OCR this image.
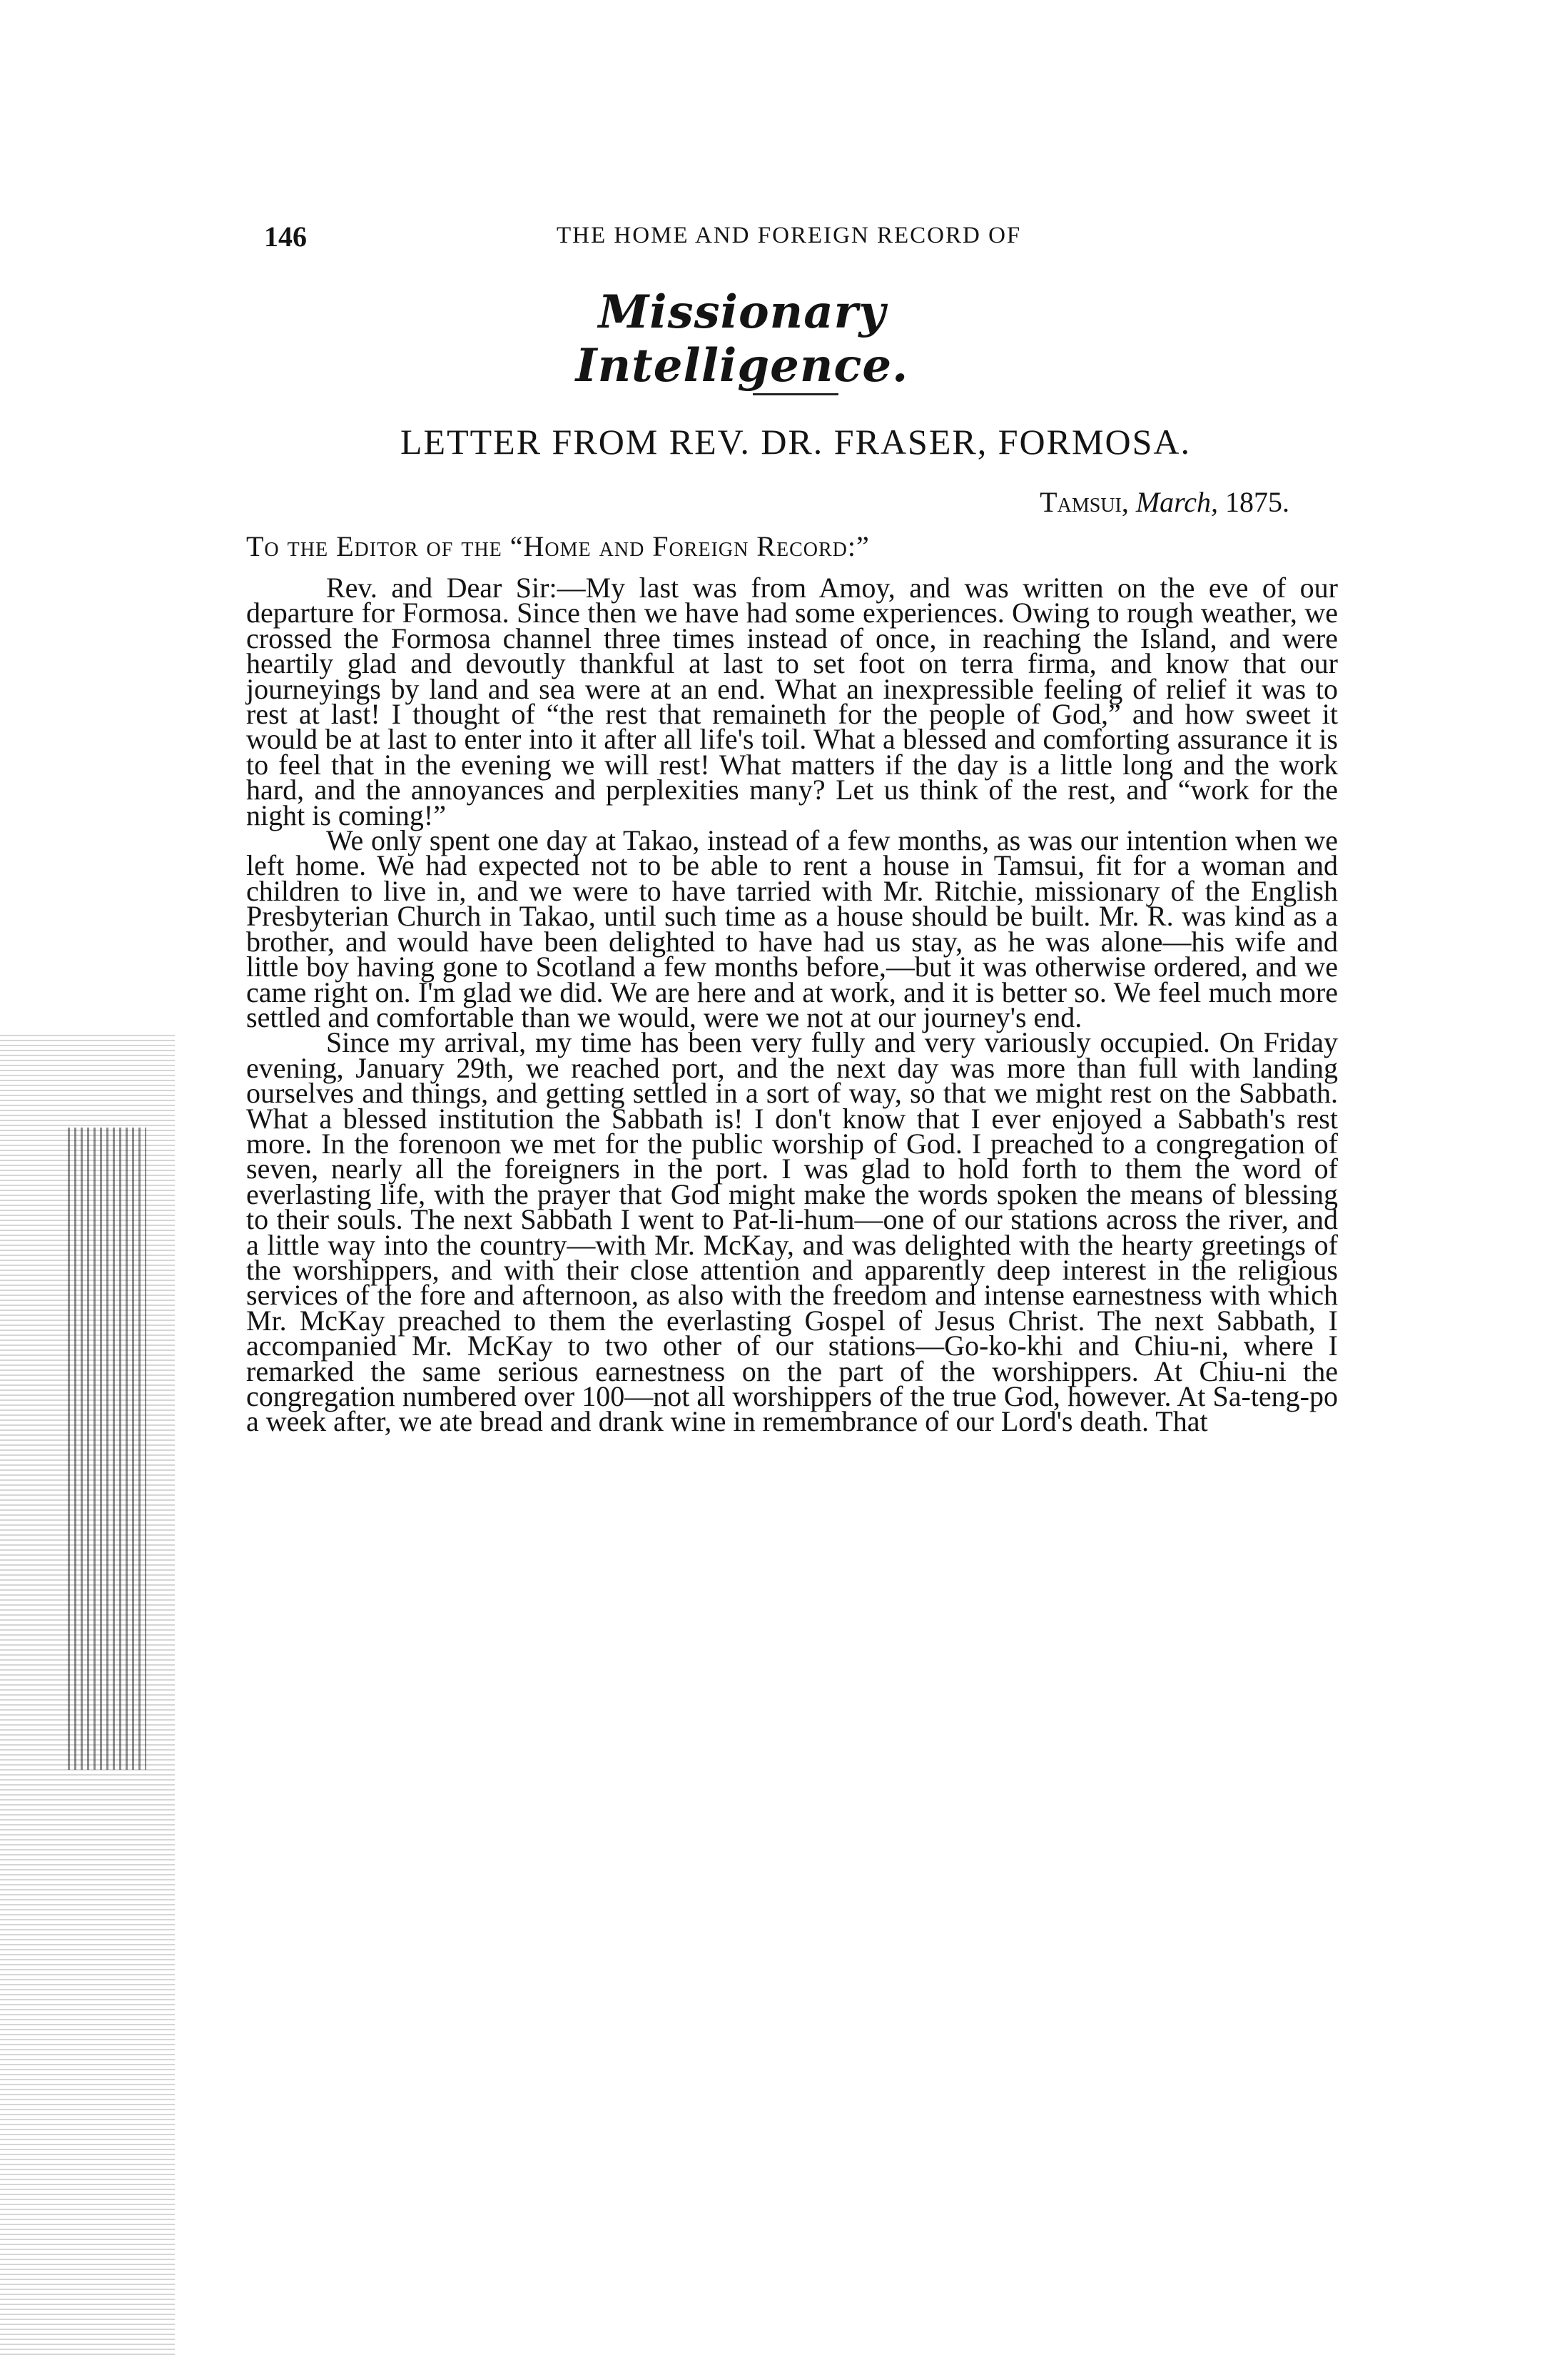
146	THE HOME AND FOREIGN RECORD OF
Missionary Intelligence.
LETTER FROM REV. DR. FRASER, FORMOSA.
Tamsui, March, 1875.
To the Editor of the “Home and Foreign Record:”

Rev. and Dear Sir:—My last was from Amoy, and was written on the eve of our departure for Formosa. Since then we have had some experiences. Owing to rough weather, we crossed the Formosa channel three times instead of once, in reaching the Island, and were heartily glad and devoutly thankful at last to set foot on terra firma, and know that our journeyings by land and sea were at an end. What an inexpressible feeling of relief it was to rest at last! I thought of “the rest that remaineth for the people of God,” and how sweet it would be at last to enter into it after all life's toil. What a blessed and comforting assurance it is to feel that in the evening we will rest! What matters if the day is a little long and the work hard, and the annoyances and perplexities many? Let us think of the rest, and “work for the night is coming!”

We only spent one day at Takao, instead of a few months, as was our intention when we left home. We had expected not to be able to rent a house in Tamsui, fit for a woman and children to live in, and we were to have tarried with Mr. Ritchie, missionary of the English Presbyterian Church in Takao, until such time as a house should be built. Mr. R. was kind as a brother, and would have been delighted to have had us stay, as he was alone—his wife and little boy having gone to Scotland a few months before,—but it was otherwise ordered, and we came right on. I'm glad we did. We are here and at work, and it is better so. We feel much more settled and comfortable than we would, were we not at our journey's end.

Since my arrival, my time has been very fully and very variously occupied. On Friday evening, January 29th, we reached port, and the next day was more than full with landing ourselves and things, and getting settled in a sort of way, so that we might rest on the Sabbath. What a blessed institution the Sabbath is! I don't know that I ever enjoyed a Sabbath's rest more. In the forenoon we met for the public worship of God. I preached to a congregation of seven, nearly all the foreigners in the port. I was glad to hold forth to them the word of everlasting life, with the prayer that God might make the words spoken the means of blessing to their souls. The next Sabbath I went to Pat-li-hum—one of our stations across the river, and a little way into the country—with Mr. McKay, and was delighted with the hearty greetings of the worshippers, and with their close attention and apparently deep interest in the religious services of the fore and afternoon, as also with the freedom and intense earnestness with which Mr. McKay preached to them the everlasting Gospel of Jesus Christ. The next Sabbath, I accompanied Mr. McKay to two other of our stations—Go-ko-khi and Chiu-ni, where I remarked the same serious earnestness on the part of the worshippers. At Chiu-ni the congregation numbered over 100—not all worshippers of the true God, however. At Sa-teng-po a week after, we ate bread and drank wine in remembrance of our Lord's death. That
